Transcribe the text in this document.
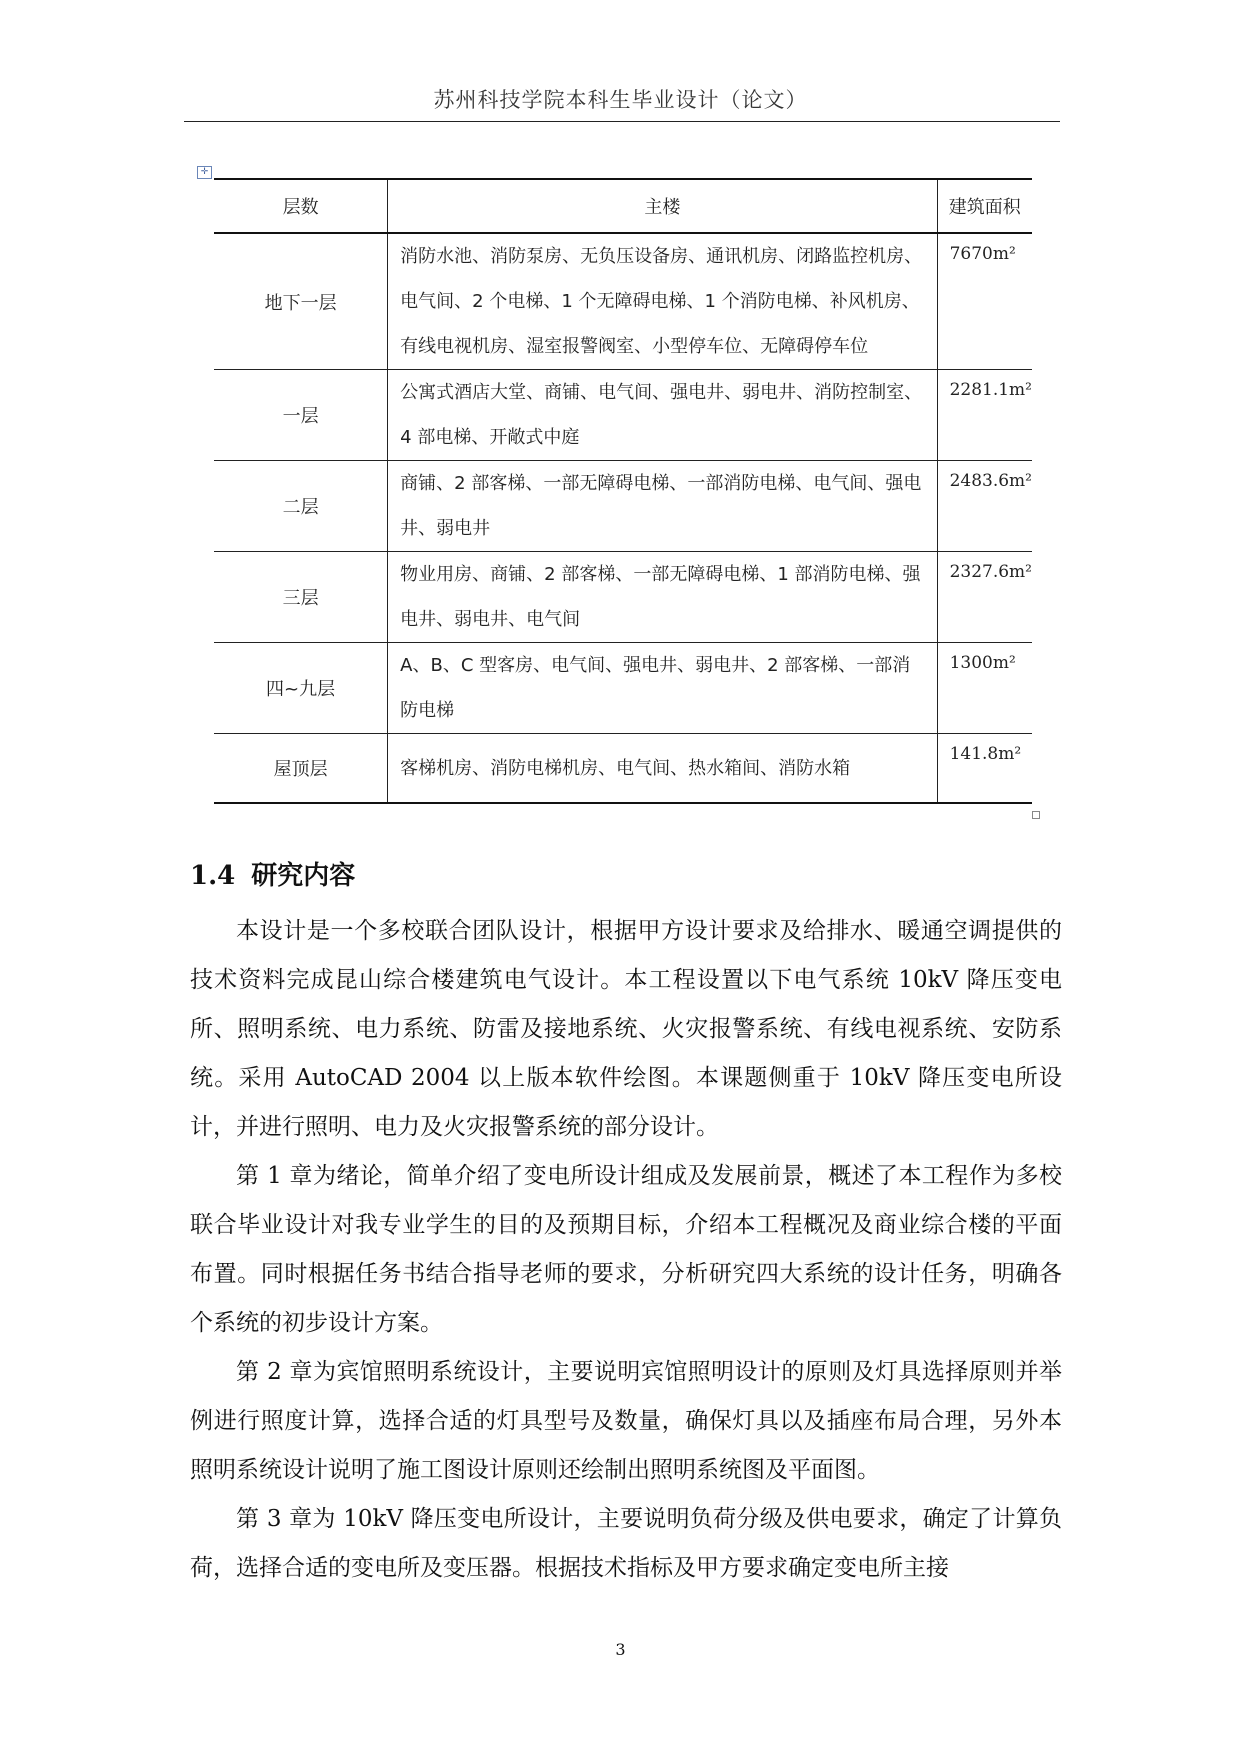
苏州科技学院本科生毕业设计（论文）
✛
层数	主楼	建筑面积
地下一层	消防水池、消防泵房、无负压设备房、通讯机房、闭路监控机房、电气间、2 个电梯、1 个无障碍电梯、1 个消防电梯、补风机房、有线电视机房、湿室报警阀室、小型停车位、无障碍停车位	7670m²

一层	公寓式酒店大堂、商铺、电气间、强电井、弱电井、消防控制室、4 部电梯、开敞式中庭	2281.1m²

二层	商铺、2 部客梯、一部无障碍电梯、一部消防电梯、电气间、强电井、弱电井	2483.6m²

三层	物业用房、商铺、2 部客梯、一部无障碍电梯、1 部消防电梯、强电井、弱电井、电气间	2327.6m²

四~九层	A、B、C 型客房、电气间、强电井、弱电井、2 部客梯、一部消防电梯	1300m²

屋顶层	客梯机房、消防电梯机房、电气间、热水箱间、消防水箱	141.8m²
1.4 研究内容

本设计是一个多校联合团队设计，根据甲方设计要求及给排水、暖通空调提供的技术资料完成昆山综合楼建筑电气设计。本工程设置以下电气系统 10kV 降压变电所、照明系统、电力系统、防雷及接地系统、火灾报警系统、有线电视系统、安防系统。采用 AutoCAD 2004 以上版本软件绘图。本课题侧重于 10kV 降压变电所设计，并进行照明、电力及火灾报警系统的部分设计。

第 1 章为绪论，简单介绍了变电所设计组成及发展前景，概述了本工程作为多校联合毕业设计对我专业学生的目的及预期目标，介绍本工程概况及商业综合楼的平面布置。同时根据任务书结合指导老师的要求，分析研究四大系统的设计任务，明确各个系统的初步设计方案。

第 2 章为宾馆照明系统设计，主要说明宾馆照明设计的原则及灯具选择原则并举例进行照度计算，选择合适的灯具型号及数量，确保灯具以及插座布局合理，另外本照明系统设计说明了施工图设计原则还绘制出照明系统图及平面图。

第 3 章为 10kV 降压变电所设计，主要说明负荷分级及供电要求，确定了计算负荷，选择合适的变电所及变压器。根据技术指标及甲方要求确定变电所主接

3
